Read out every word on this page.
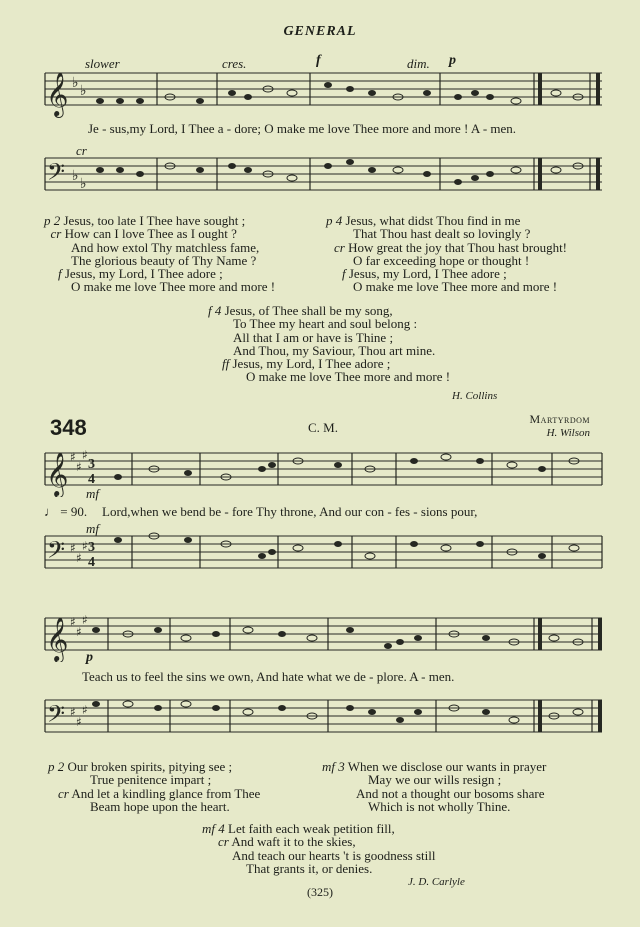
GENERAL
slower	cres.	f	dim. p
𝄞 ♭ ♭
Je - sus,my Lord, I Thee a - dore; O make me love Thee more and more ! A - men.
cr
𝄢 ♭ ♭
p 2 Jesus, too late I Thee have sought ;
cr How can I love Thee as I ought ?
And how extol Thy matchless fame,
The glorious beauty of Thy Name ?
f Jesus, my Lord, I Thee adore ;
O make me love Thee more and more !
p 4 Jesus, what didst Thou find in me
That Thou hast dealt so lovingly ?
cr How great the joy that Thou hast brought!
O far exceeding hope or thought !
f Jesus, my Lord, I Thee adore ;
O make me love Thee more and more !
f 4 Jesus, of Thee shall be my song,
To Thee my heart and soul belong :
All that I am or have is Thine ;
And Thou, my Saviour, Thou art mine.
ff Jesus, my Lord, I Thee adore ;
O make me love Thee more and more !
H. Collins
348	C. M.
Martyrdom
H. Wilson
𝄞 ♯
♯
♯
3
4
mf
♩ = 90. Lord,when we bend be - fore Thy throne, And our con - fes - sions pour,
mf
𝄢 ♯
♯
♯ 3
4
𝄞 ♯
♯
♯
p
Teach us to feel the sins we own, And hate what we de - plore. A - men.
𝄢 ♯
♯
♯
p 2 Our broken spirits, pitying see ;
True penitence impart ;
cr And let a kindling glance from Thee
Beam hope upon the heart.
mf 3 When we disclose our wants in prayer
May we our wills resign ;
And not a thought our bosoms share
Which is not wholly Thine.
mf 4 Let faith each weak petition fill,
cr And waft it to the skies,
And teach our hearts 't is goodness still
That grants it, or denies.
J. D. Carlyle
(325)
